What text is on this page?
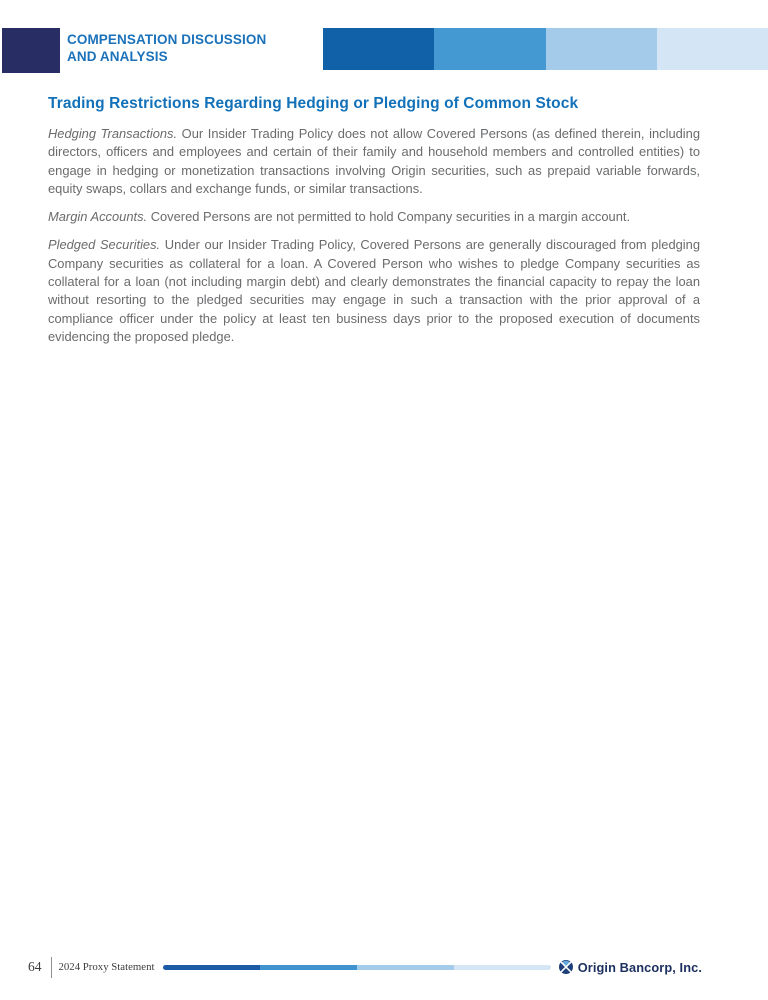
COMPENSATION DISCUSSION
AND ANALYSIS
Trading Restrictions Regarding Hedging or Pledging of Common Stock

Hedging Transactions. Our Insider Trading Policy does not allow Covered Persons (as defined therein, including directors, officers and employees and certain of their family and household members and controlled entities) to engage in hedging or monetization transactions involving Origin securities, such as prepaid variable forwards, equity swaps, collars and exchange funds, or similar transactions.

Margin Accounts. Covered Persons are not permitted to hold Company securities in a margin account.

Pledged Securities. Under our Insider Trading Policy, Covered Persons are generally discouraged from pledging Company securities as collateral for a loan. A Covered Person who wishes to pledge Company securities as collateral for a loan (not including margin debt) and clearly demonstrates the financial capacity to repay the loan without resorting to the pledged securities may engage in such a transaction with the prior approval of a compliance officer under the policy at least ten business days prior to the proposed execution of documents evidencing the proposed pledge.

64 2024 Proxy Statement	Origin Bancorp, Inc.
